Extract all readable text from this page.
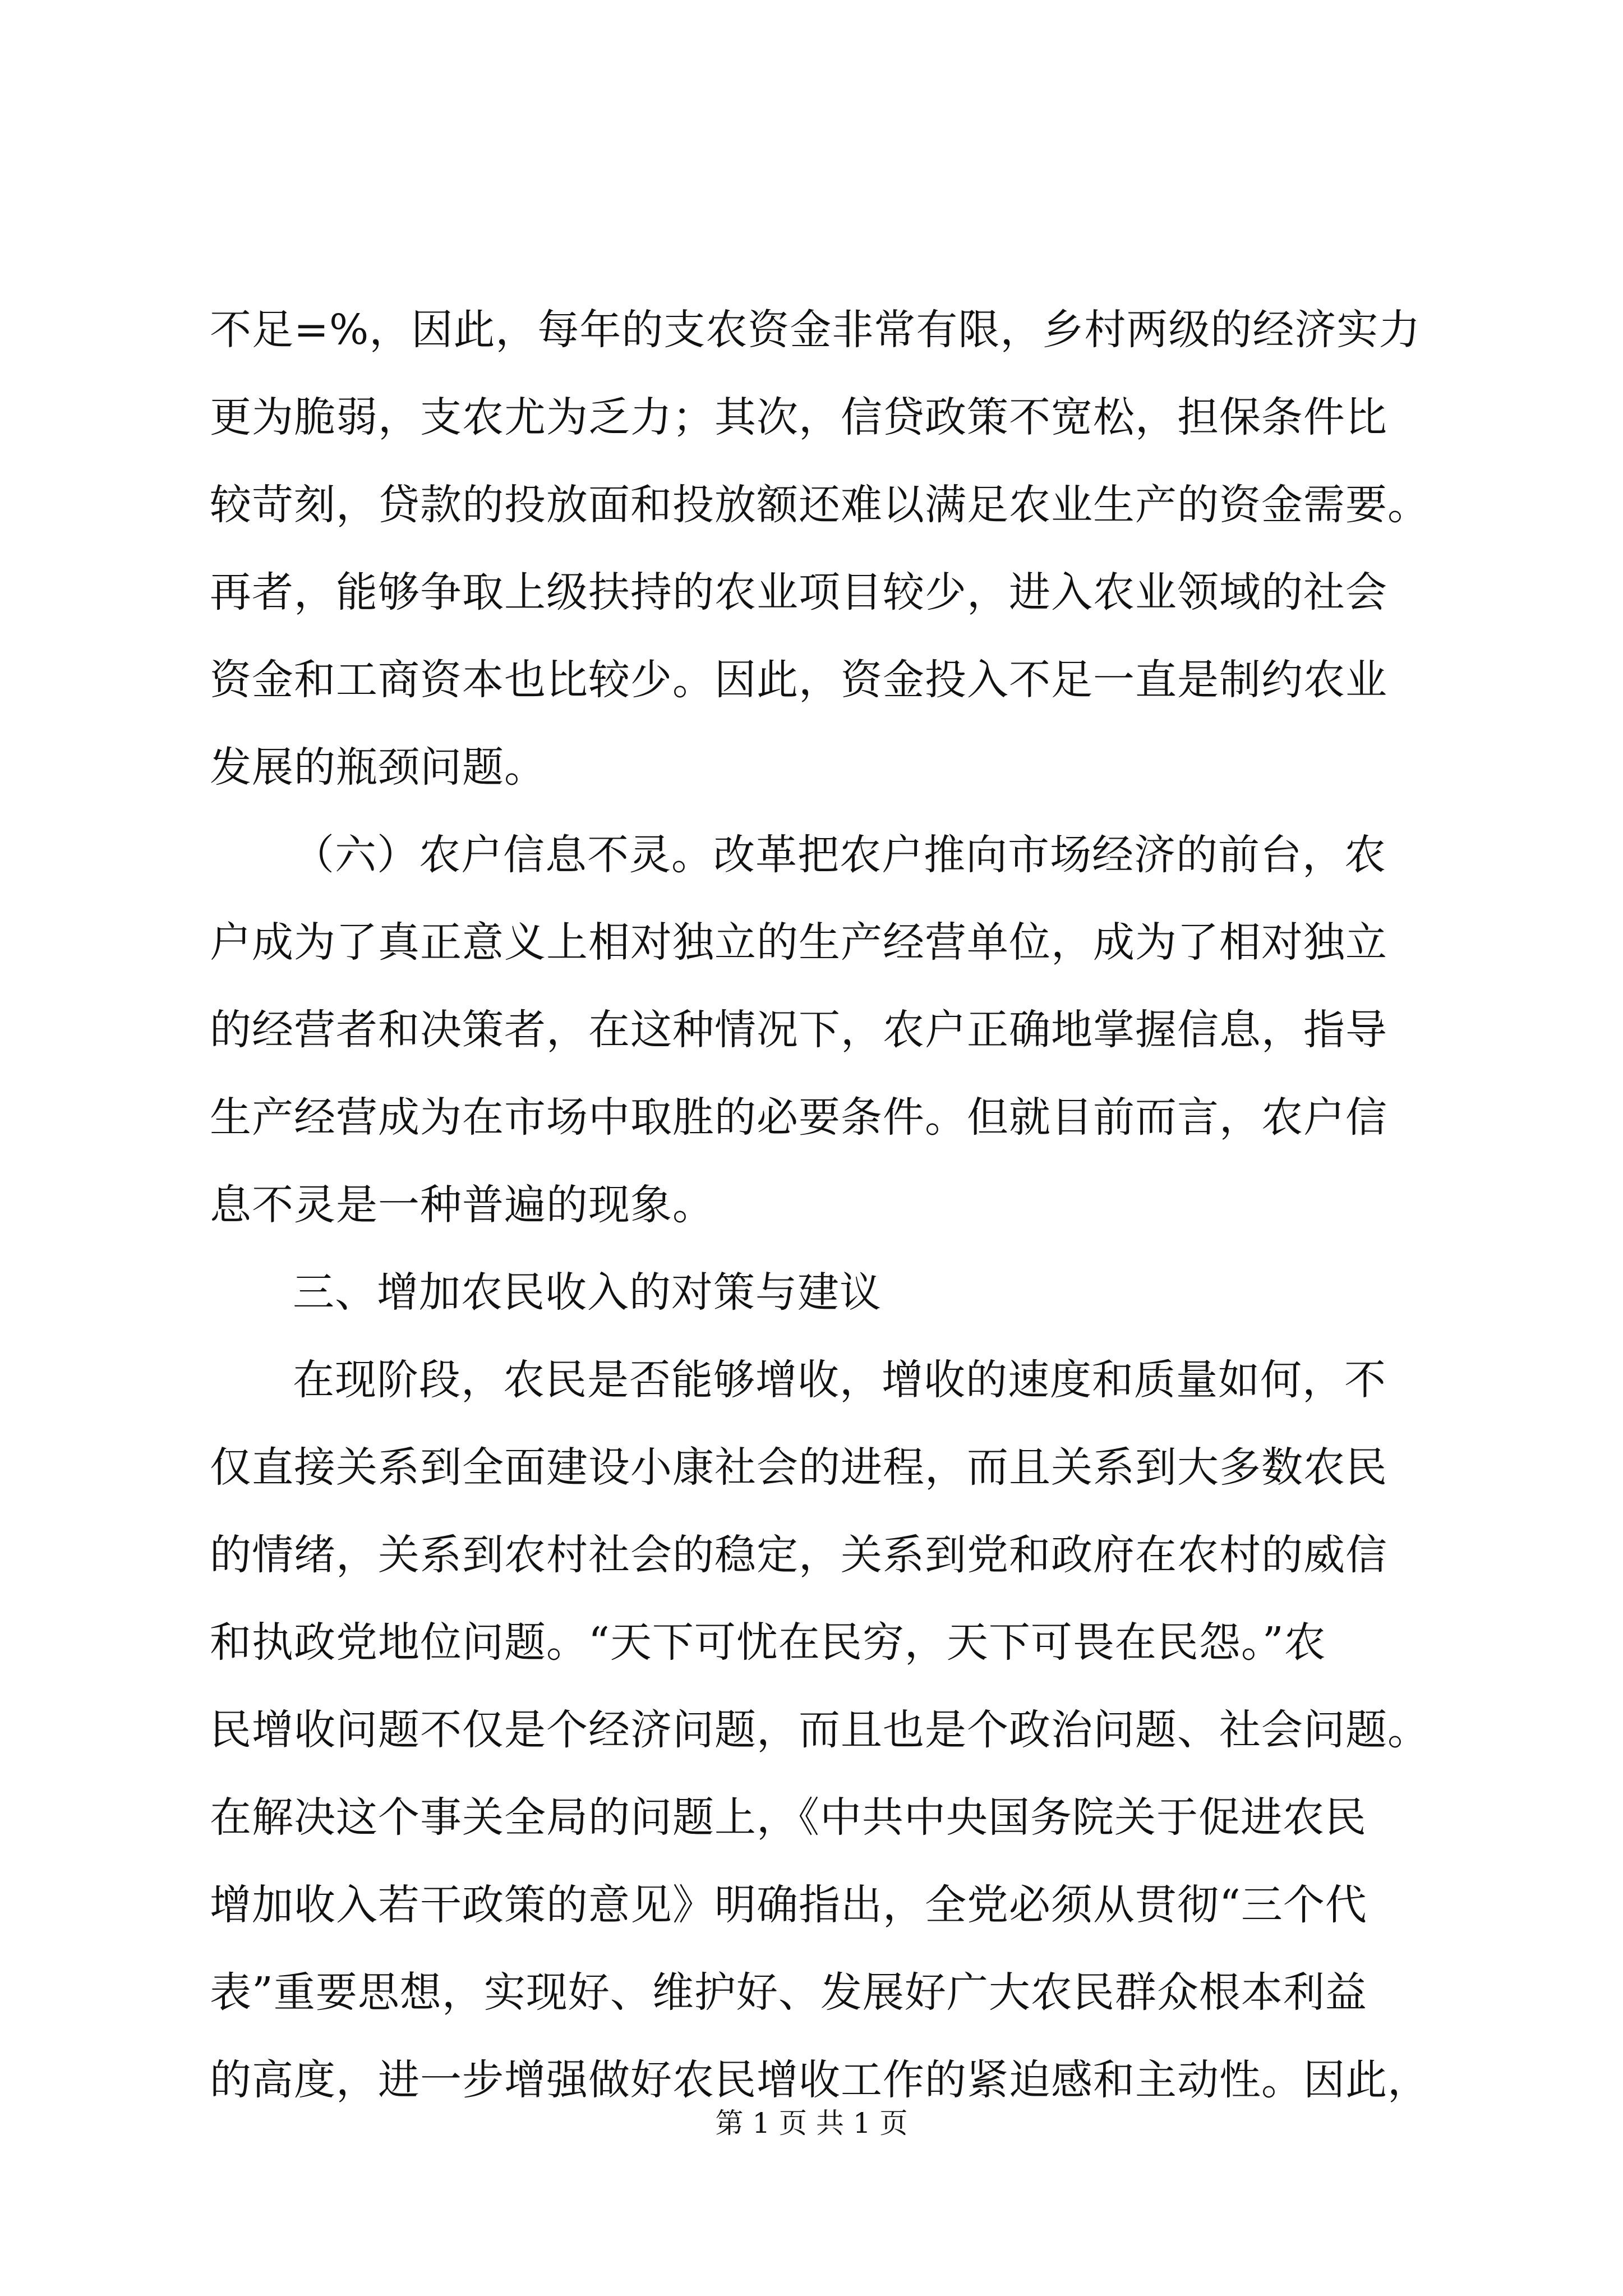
不足=%，因此，每年的支农资金非常有限，乡村两级的经济实力
更为脆弱，支农尤为乏力；其次，信贷政策不宽松，担保条件比
较苛刻，贷款的投放面和投放额还难以满足农业生产的资金需要。
再者，能够争取上级扶持的农业项目较少，进入农业领域的社会
资金和工商资本也比较少。因此，资金投入不足一直是制约农业
发展的瓶颈问题。
（六）农户信息不灵。改革把农户推向市场经济的前台，农
户成为了真正意义上相对独立的生产经营单位，成为了相对独立
的经营者和决策者，在这种情况下，农户正确地掌握信息，指导
生产经营成为在市场中取胜的必要条件。但就目前而言，农户信
息不灵是一种普遍的现象。
三、增加农民收入的对策与建议
在现阶段，农民是否能够增收，增收的速度和质量如何，不
仅直接关系到全面建设小康社会的进程，而且关系到大多数农民
的情绪，关系到农村社会的稳定，关系到党和政府在农村的威信
和执政党地位问题。“天下可忧在民穷，天下可畏在民怨。”农
民增收问题不仅是个经济问题，而且也是个政治问题、社会问题。
在解决这个事关全局的问题上，《中共中央国务院关于促进农民
增加收入若干政策的意见》明确指出，全党必须从贯彻“三个代
表”重要思想，实现好、维护好、发展好广大农民群众根本利益
的高度，进一步增强做好农民增收工作的紧迫感和主动性。因此，
第 1 页 共 1 页
